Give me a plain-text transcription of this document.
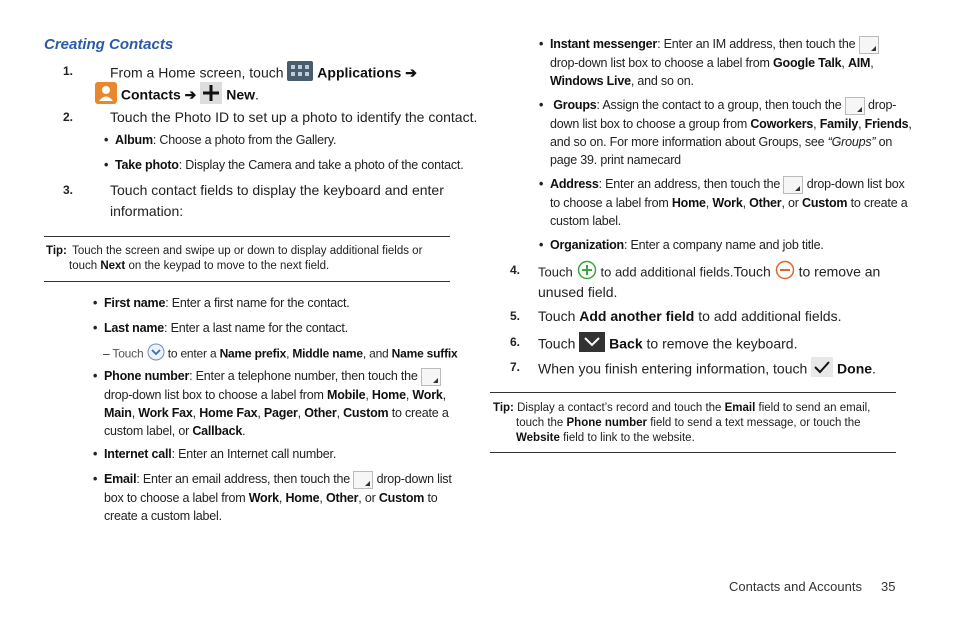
Creating Contacts
1.	From a Home screen, touch Applications ➔
Contacts ➔ New.
2.	Touch the Photo ID to set up a photo to identify the contact.
• Album: Choose a photo from the Gallery.
• Take photo: Display the Camera and take a photo of the contact.
3.	Touch contact fields to display the keyboard and enter
information:
Tip: Touch the screen and swipe up or down to display additional fields or
touch Next on the keypad to move to the next field.
• First name: Enter a first name for the contact.
• Last name: Enter a last name for the contact.
– Touch to enter a Name prefix, Middle name, and Name suffix
• Phone number: Enter a telephone number, then touch the
drop-down list box to choose a label from Mobile, Home, Work,
Main, Work Fax, Home Fax, Pager, Other, Custom to create a
custom label, or Callback.
• Internet call: Enter an Internet call number.
• Email: Enter an email address, then touch the drop-down list
box to choose a label from Work, Home, Other, or Custom to
create a custom label.
• Instant messenger: Enter an IM address, then touch the
drop-down list box to choose a label from Google Talk, AIM,
Windows Live, and so on.
• Groups: Assign the contact to a group, then touch the drop-
down list box to choose a group from Coworkers, Family, Friends,
and so on. For more information about Groups, see “Groups” on
page 39. print namecard
• Address: Enter an address, then touch the drop-down list box
to choose a label from Home, Work, Other, or Custom to create a
custom label.
• Organization: Enter a company name and job title.
4. Touch to add additional fields.Touch to remove an
unused field.
5. Touch Add another field to add additional fields.
6. Touch Back to remove the keyboard.
7. When you finish entering information, touch Done.
Tip: Display a contact’s record and touch the Email field to send an email,
touch the Phone number field to send a text message, or touch the
Website field to link to the website.
Contacts and Accounts 35
